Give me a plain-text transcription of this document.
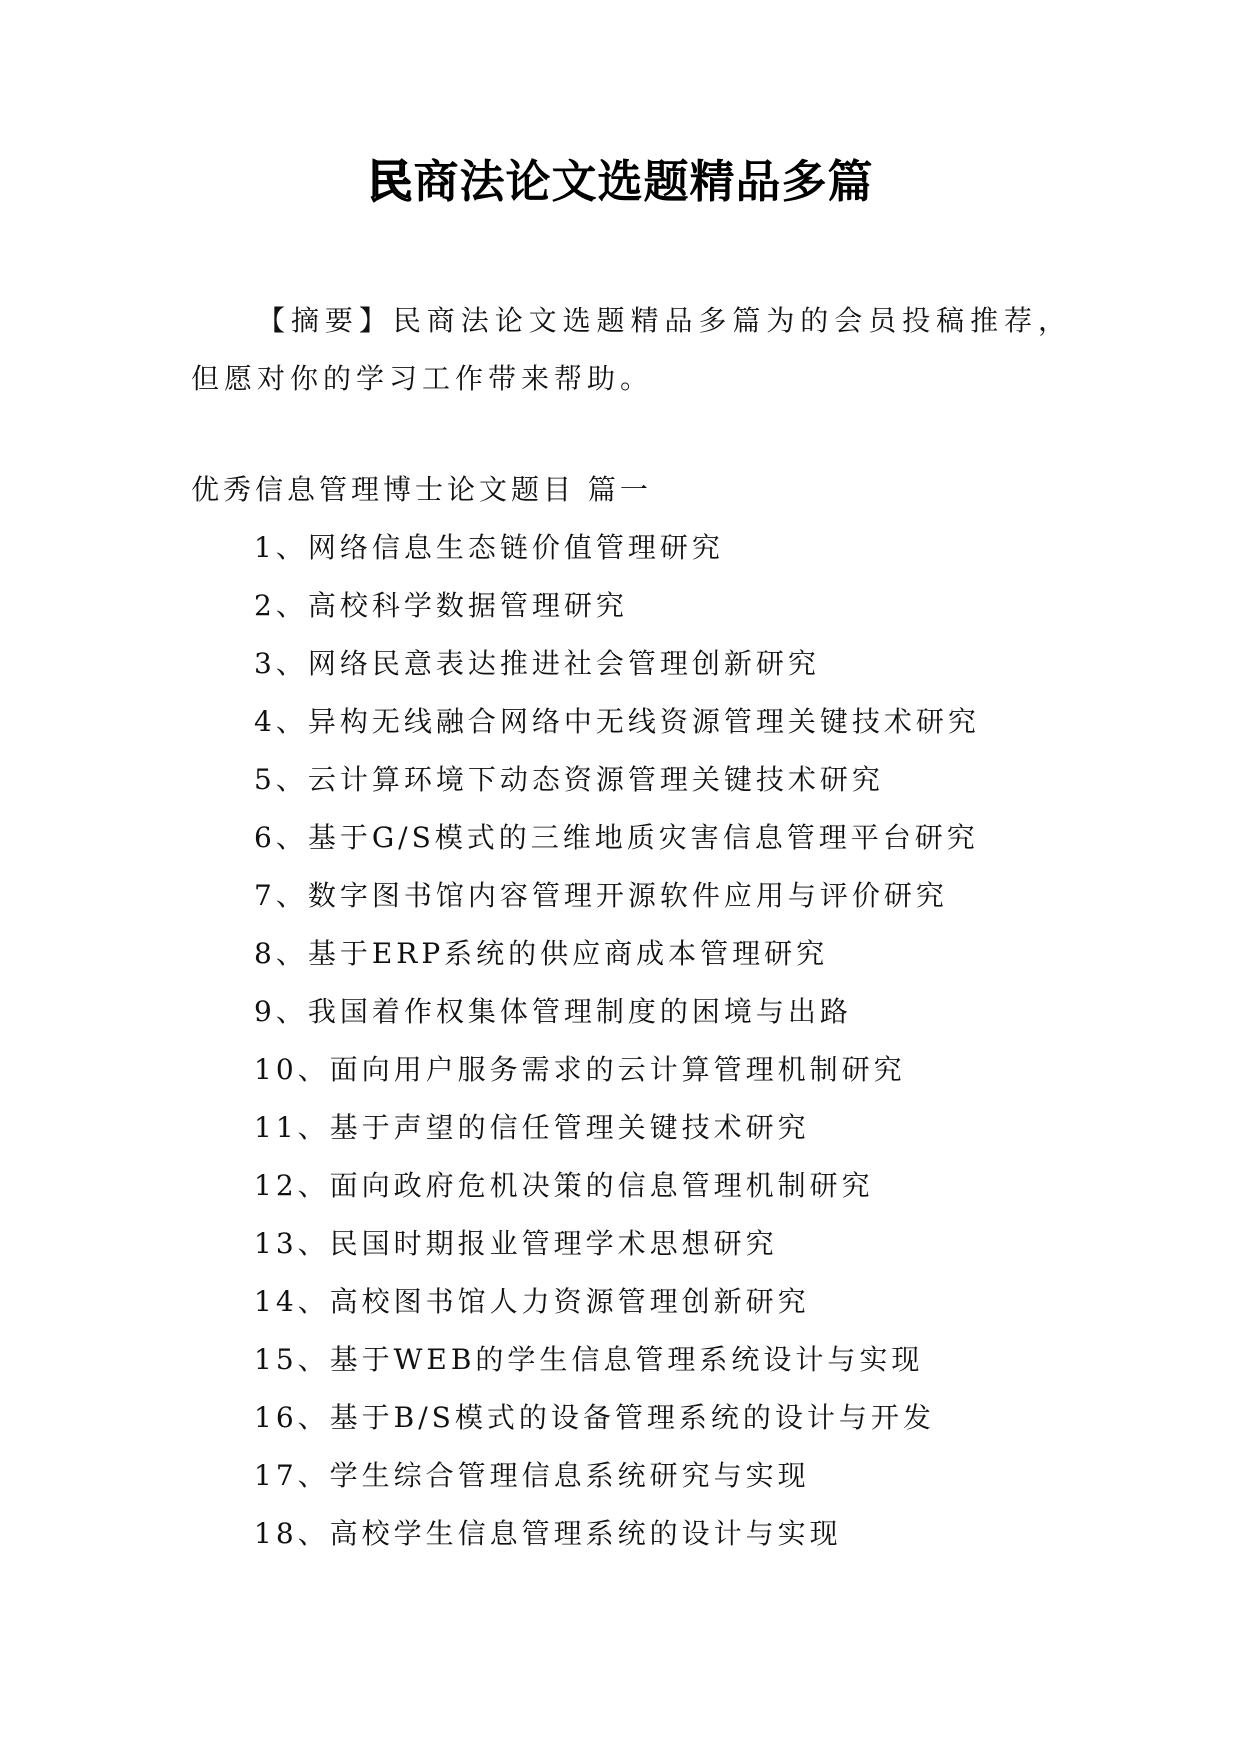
民商法论文选题精品多篇
【摘要】民商法论文选题精品多篇为的会员投稿推荐，但愿对你的学习工作带来帮助。
优秀信息管理博士论文题目 篇一
1、网络信息生态链价值管理研究
2、高校科学数据管理研究
3、网络民意表达推进社会管理创新研究
4、异构无线融合网络中无线资源管理关键技术研究
5、云计算环境下动态资源管理关键技术研究
6、基于G/S模式的三维地质灾害信息管理平台研究
7、数字图书馆内容管理开源软件应用与评价研究
8、基于ERP系统的供应商成本管理研究
9、我国着作权集体管理制度的困境与出路
10、面向用户服务需求的云计算管理机制研究
11、基于声望的信任管理关键技术研究
12、面向政府危机决策的信息管理机制研究
13、民国时期报业管理学术思想研究
14、高校图书馆人力资源管理创新研究
15、基于WEB的学生信息管理系统设计与实现
16、基于B/S模式的设备管理系统的设计与开发
17、学生综合管理信息系统研究与实现
18、高校学生信息管理系统的设计与实现
